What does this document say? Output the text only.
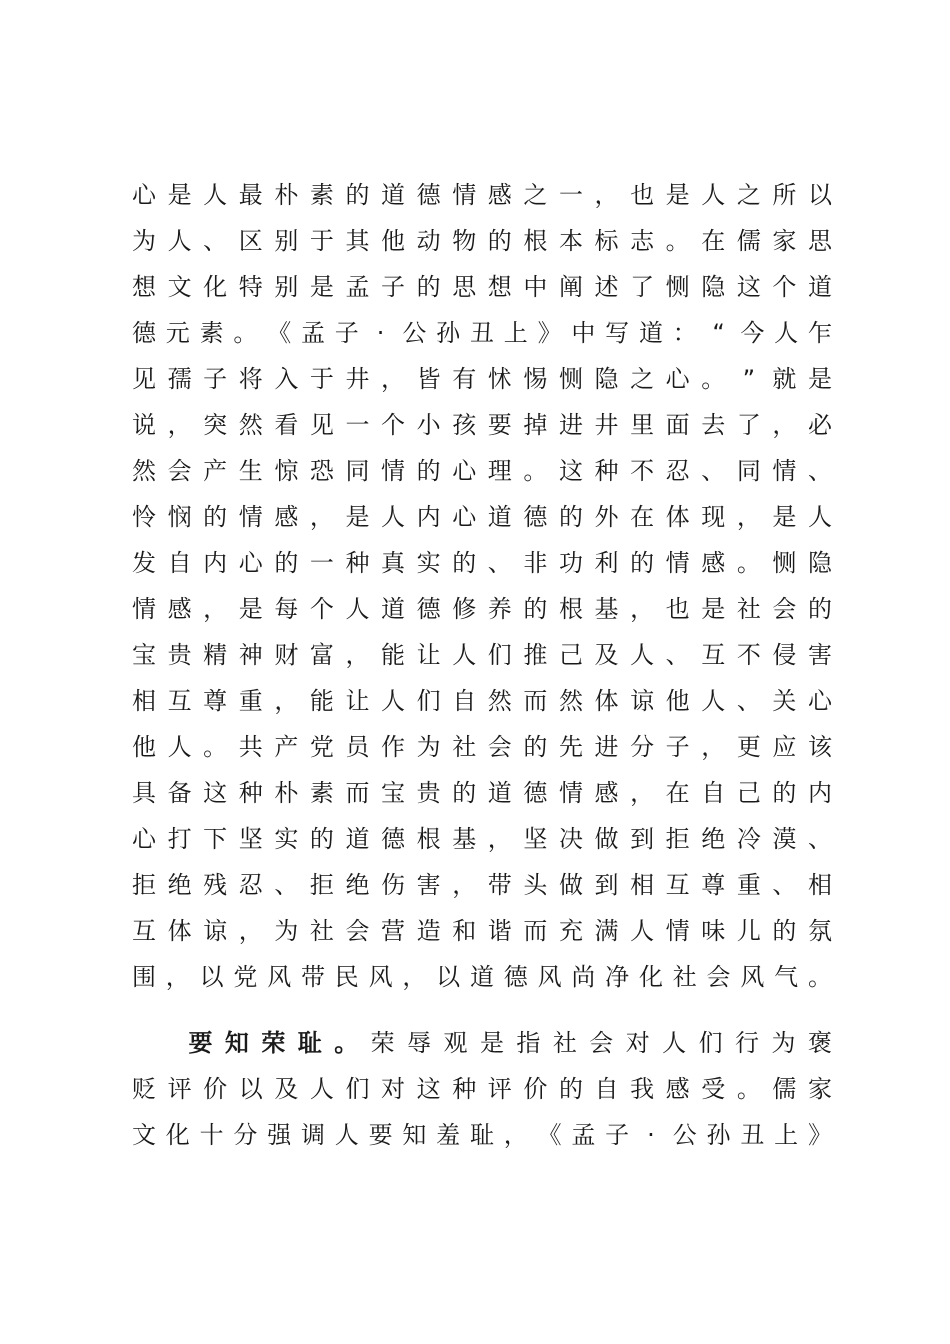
心 是 人 最 朴 素 的 道 德 情 感 之 一 ， 也 是 人 之 所 以
为 人 、 区 别 于 其 他 动 物 的 根 本 标 志 。 在 儒 家 思
想 文 化 特 别 是 孟 子 的 思 想 中 阐 述 了 恻 隐 这 个 道
德 元 素 。 《 孟 子 · 公 孙 丑 上 》 中 写 道 ： “ 今 人 乍
见 孺 子 将 入 于 井 ， 皆 有 怵 惕 恻 隐 之 心 。 ” 就 是
说 ， 突 然 看 见 一 个 小 孩 要 掉 进 井 里 面 去 了 ， 必
然 会 产 生 惊 恐 同 情 的 心 理 。 这 种 不 忍 、 同 情 、
怜 悯 的 情 感 ， 是 人 内 心 道 德 的 外 在 体 现 ， 是 人
发 自 内 心 的 一 种 真 实 的 、 非 功 利 的 情 感 。 恻 隐
情 感 ， 是 每 个 人 道 德 修 养 的 根 基 ， 也 是 社 会 的
宝 贵 精 神 财 富 ， 能 让 人 们 推 己 及 人 、 互 不 侵 害
相 互 尊 重 ， 能 让 人 们 自 然 而 然 体 谅 他 人 、 关 心
他 人 。 共 产 党 员 作 为 社 会 的 先 进 分 子 ， 更 应 该
具 备 这 种 朴 素 而 宝 贵 的 道 德 情 感 ， 在 自 己 的 内
心 打 下 坚 实 的 道 德 根 基 ， 坚 决 做 到 拒 绝 冷 漠 、
拒 绝 残 忍 、 拒 绝 伤 害 ， 带 头 做 到 相 互 尊 重 、 相
互 体 谅 ， 为 社 会 营 造 和 谐 而 充 满 人 情 味 儿 的 氛
围 ， 以 党 风 带 民 风 ， 以 道 德 风 尚 净 化 社 会 风 气 。
要 知 荣 耻 。 荣 辱 观 是 指 社 会 对 人 们 行 为 褒
贬 评 价 以 及 人 们 对 这 种 评 价 的 自 我 感 受 。 儒 家
文 化 十 分 强 调 人 要 知 羞 耻 ， 《 孟 子 · 公 孙 丑 上 》
